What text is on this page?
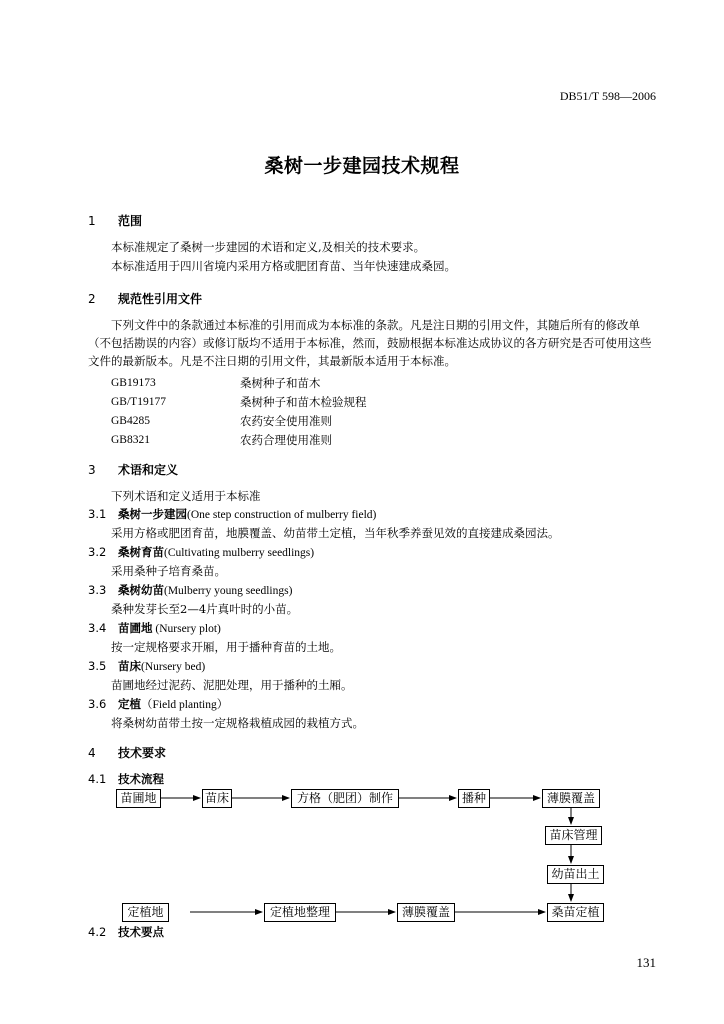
DB51/T 598—2006
桑树一步建园技术规程
1 范围
本标准规定了桑树一步建园的术语和定义,及相关的技术要求。
本标准适用于四川省境内采用方格或肥团育苗、当年快速建成桑园。
2 规范性引用文件
下列文件中的条款通过本标准的引用而成为本标准的条款。凡是注日期的引用文件，其随后所有的修改单（不包括勘误的内容）或修订版均不适用于本标准，然而，鼓励根据本标准达成协议的各方研究是否可使用这些文件的最新版本。凡是不注日期的引用文件，其最新版本适用于本标准。
GB19173	桑树种子和苗木
GB/T19177	桑树种子和苗木检验规程
GB4285	农药安全使用准则
GB8321	农药合理使用准则
3 术语和定义
下列术语和定义适用于本标准
3.1 桑树一步建园(One step construction of mulberry field)
采用方格或肥团育苗，地膜覆盖、幼苗带土定植，当年秋季养蚕见效的直接建成桑园法。
3.2 桑树育苗(Cultivating mulberry seedlings)
采用桑种子培育桑苗。
3.3 桑树幼苗(Mulberry young seedlings)
桑种发芽长至2—4片真叶时的小苗。
3.4 苗圃地 (Nursery plot)
按一定规格要求开厢，用于播种育苗的土地。
3.5 苗床(Nursery bed)
苗圃地经过泥药、泥肥处理，用于播种的土厢。
3.6 定植（Field planting）
将桑树幼苗带土按一定规格栽植成园的栽植方式。
4 技术要求
4.1 技术流程
苗圃地	苗床	方格（肥团）制作	播种	薄膜覆盖
苗床管理
幼苗出土
定植地	定植地整理	薄膜覆盖	桑苗定植
4.2 技术要点
131
